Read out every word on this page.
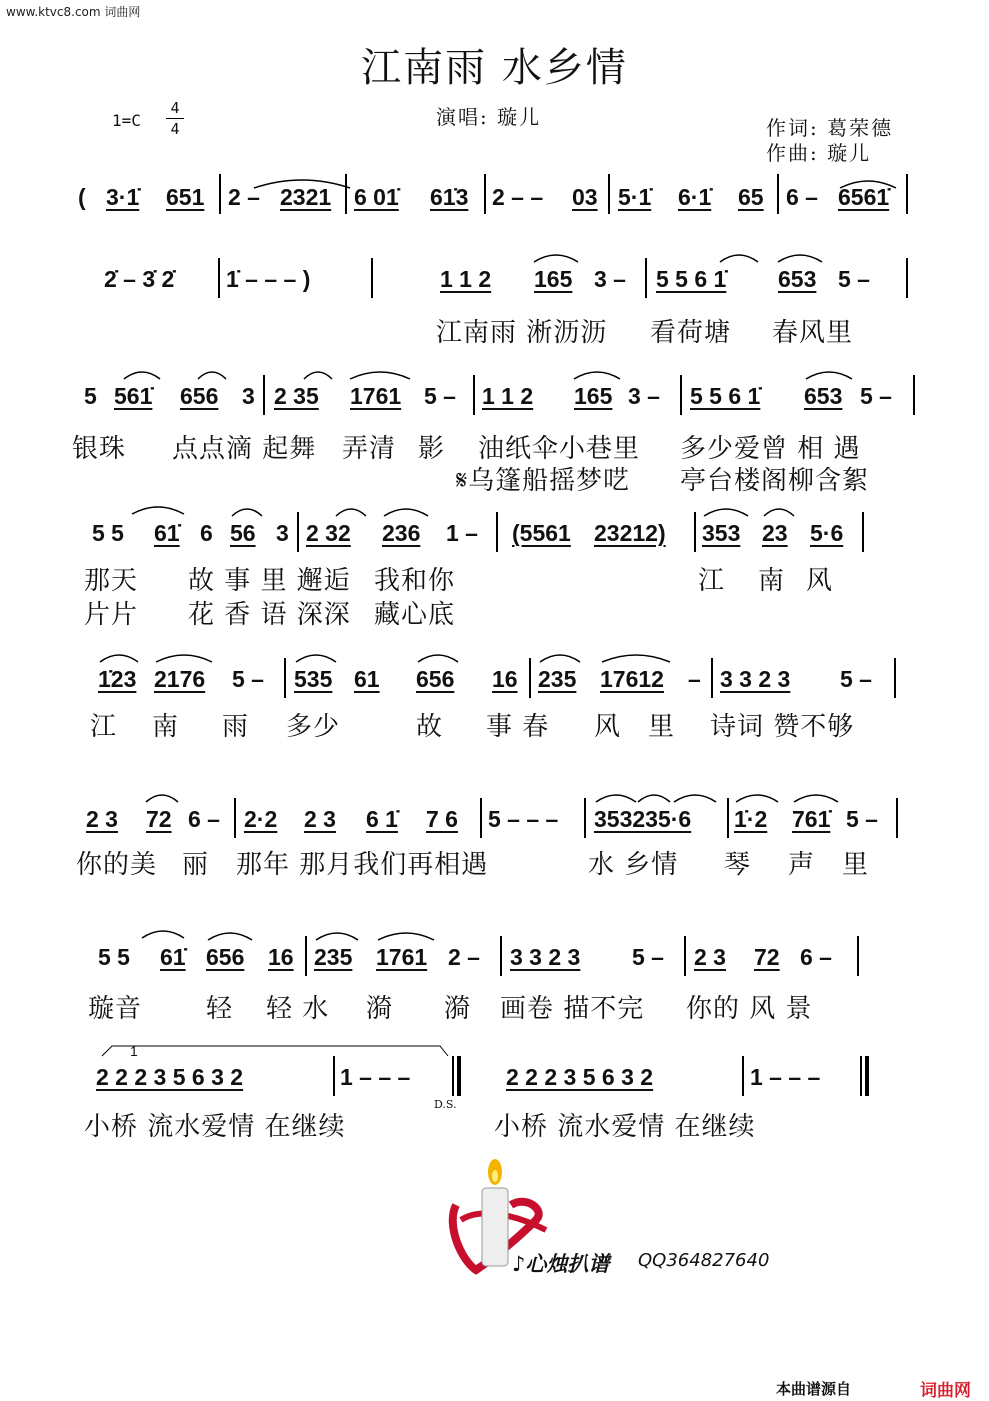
www.ktvc8.com 词曲网
江南雨 水乡情
1=C
4
4	演唱: 璇儿	作词: 葛荣德
作曲: 璇儿
( 3·1̇ 651 2 – 2321 6 01̇ 61̇3 2 – – 03 5·1̇ 6·1̇ 65 6 – 6561̇
2̇ – 3̇ 2̇ 1̇ – – – )	1 1 2 165 3 – 5 5 6 1̇ 653 5 –
江南雨 淅沥沥 看荷塘 春风里
5 561̇ 656 3 2 35 1761 5 – 1 1 2 165 3 – 5 5 6 1̇ 653 5 –
银珠 点点滴 起舞 弄清 影 油纸伞小巷里 多少爱曾 相 遇
𝄋乌篷船摇梦呓 亭台楼阁柳含絮
5 5 61̇ 6 56 3 2 32 236 1 – (5561 23212) 353 23 5·6
那天 故 事 里 邂逅 我和你	江 南 风
片片 花 香 语 深深 藏心底
1̇23 2176 5 – 535 61 656 16 235 17612 – 3 3 2 3 5 –
江 南 雨 多少	故 事 春 风 里 诗词 赞不够
2 3 72 6 – 2·2 2 3 6 1̇ 7 6 5 – – – 353235·6 1̇·2 761̇ 5 –
你的美 丽 那年 那月我们再相遇	水 乡情 琴 声 里
5 5 61̇ 656 16 235 1761 2 – 3 3 2 3 5 – 2 3 72 6 –
璇音 轻 轻 水 漪 漪 画卷 描不完 你的 风 景
1
2 2 2 3 5 6 3 2	1 – – –
D.S.
2 2 2 3 5 6 3 2	1 – – –
小桥 流水爱情 在继续	小桥 流水爱情 在继续
♪心烛扒谱 QQ364827640
本曲谱源自	词曲网
